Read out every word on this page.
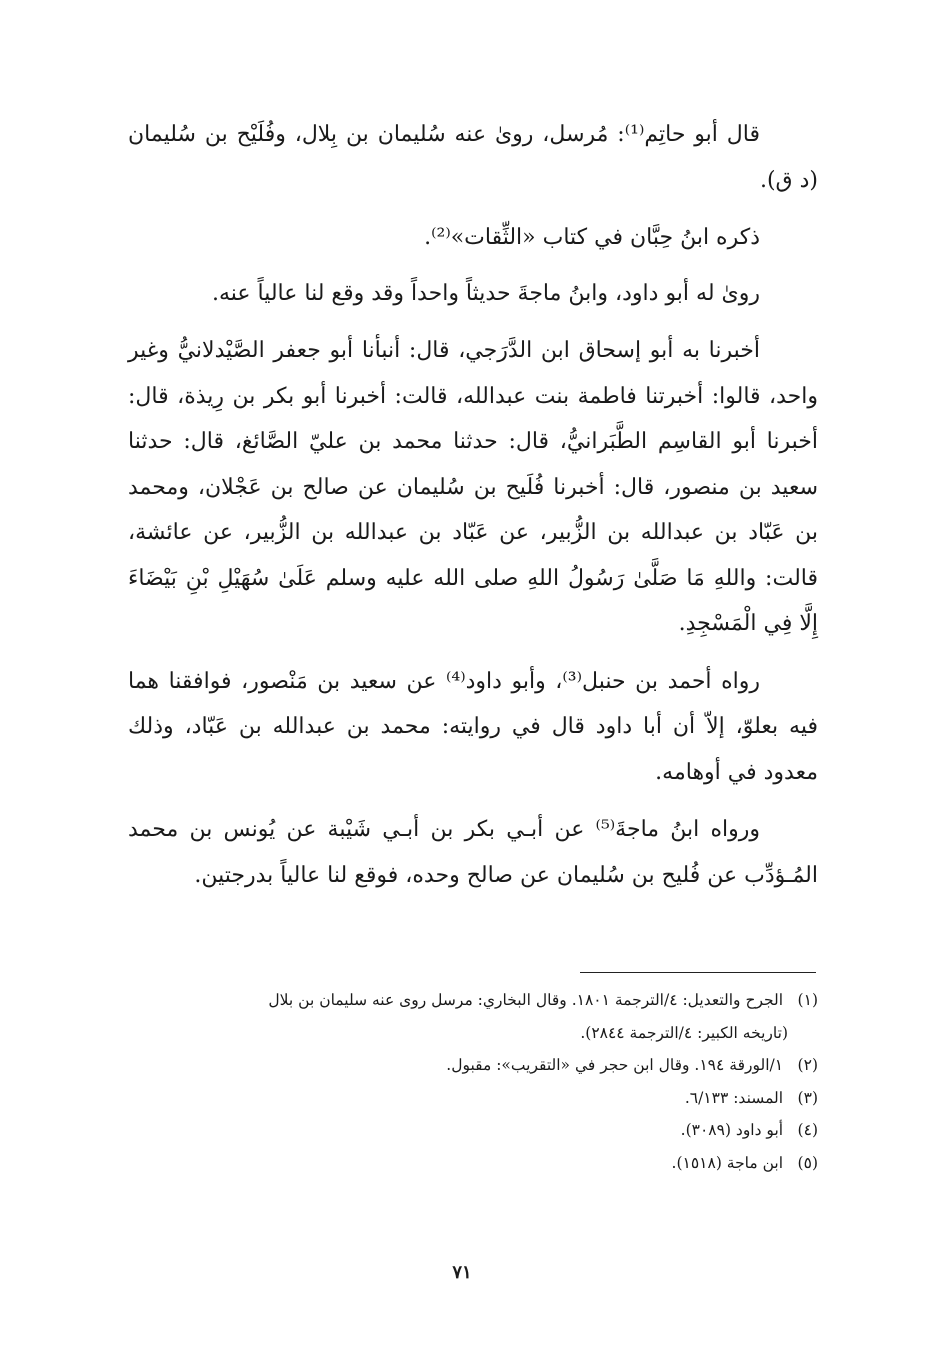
قال أبو حاتِم⁽¹⁾: مُرسل، روىٰ عنه سُليمان بن بِلال، وفُلَيْح بن سُليمان (د ق).

ذكره ابنُ حِبَّان في كتاب «الثِّقات»⁽²⁾.

روىٰ له أبو داود، وابنُ ماجةَ حديثاً واحداً وقد وقع لنا عالياً عنه.

أخبرنا به أبو إسحاق ابن الدَّرَجي، قال: أنبأنا أبو جعفر الصَّيْدلانيُّ وغير واحد، قالوا: أخبرتنا فاطمة بنت عبدالله، قالت: أخبرنا أبو بكر بن رِيذة، قال: أخبرنا أبو القاسِم الطَّبَرانيُّ، قال: حدثنا محمد بن عليّ الصَّائغ، قال: حدثنا سعيد بن منصور، قال: أخبرنا فُلَيح بن سُليمان عن صالح بن عَجْلان، ومحمد بن عَبّاد بن عبدالله بن الزُّبير، عن عَبّاد بن عبدالله بن الزُّبير، عن عائشة، قالت: واللهِ مَا صَلَّىٰ رَسُولُ اللهِ صلى الله عليه وسلم عَلَىٰ سُهَيْلِ بْنِ بَيْضَاءَ إِلَّا فِي الْمَسْجِدِ.

رواه أحمد بن حنبل⁽³⁾، وأبو داود⁽⁴⁾ عن سعيد بن مَنْصور، فوافقنا هما فيه بعلوّ، إلاّ أن أبا داود قال في روايته: محمد بن عبدالله بن عَبّاد، وذلك معدود في أوهامه.

ورواه ابنُ ماجةَ⁽⁵⁾ عن أبـي بكر بن أبـي شَيْبة عن يُونس بن محمد المُـؤدِّب عن فُليح بن سُليمان عن صالح وحده، فوقع لنا عالياً بدرجتين.

(١) الجرح والتعديل: ٤/الترجمة ١٨٠١. وقال البخاري: مرسل روى عنه سليمان بن بلال

(تاريخه الكبير: ٤/الترجمة ٢٨٤٤).

(٢) ١/الورقة ١٩٤. وقال ابن حجر في «التقريب»: مقبول.

(٣) المسند: ٦/١٣٣.

(٤) أبو داود (٣٠٨٩).

(٥) ابن ماجة (١٥١٨).

٧١
